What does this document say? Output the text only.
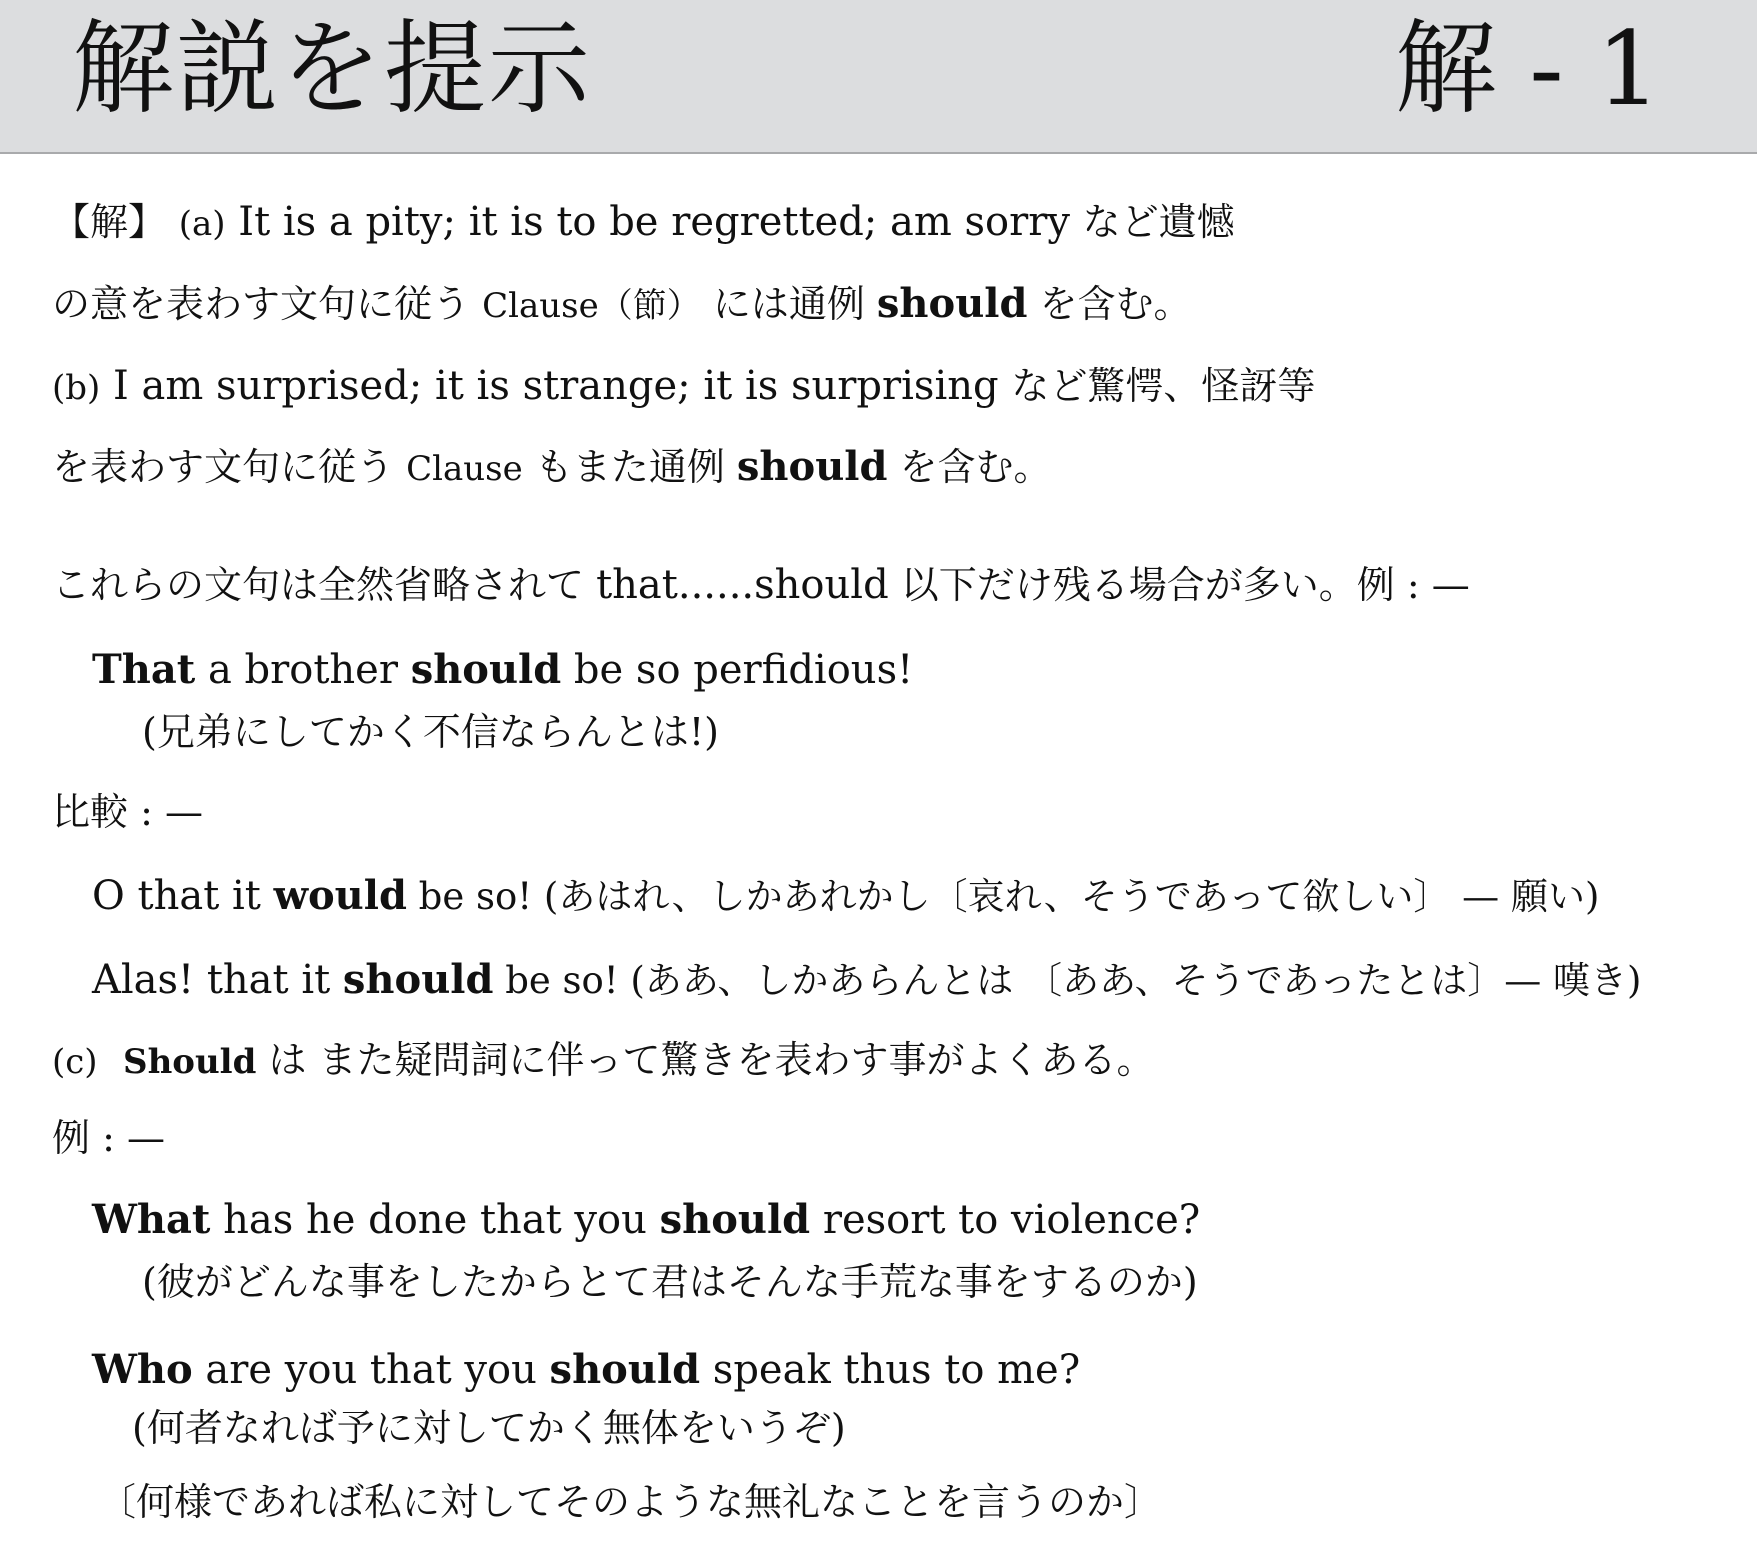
解説を提示	解 - 1
【解】 (a) It is a pity; it is to be regretted; am sorry など遺憾
の意を表わす文句に従う Clause（節） には通例 should を含む。
(b) I am surprised; it is strange; it is surprising など驚愕、怪訝等
を表わす文句に従う Clause もまた通例 should を含む。
これらの文句は全然省略されて that......should 以下だけ残る場合が多い。例 : —
That a brother should be so perfidious!
(兄弟にしてかく不信ならんとは!)
比較 : —
O that it would be so! (あはれ、しかあれかし〔哀れ、そうであって欲しい〕 — 願い)
Alas! that it should be so! (ああ、しかあらんとは 〔ああ、そうであったとは〕— 嘆き)
(c) Should は また疑問詞に伴って驚きを表わす事がよくある。
例 : —
What has he done that you should resort to violence?
(彼がどんな事をしたからとて君はそんな手荒な事をするのか)
Who are you that you should speak thus to me?
(何者なれば予に対してかく無体をいうぞ)
〔何様であれば私に対してそのような無礼なことを言うのか〕
